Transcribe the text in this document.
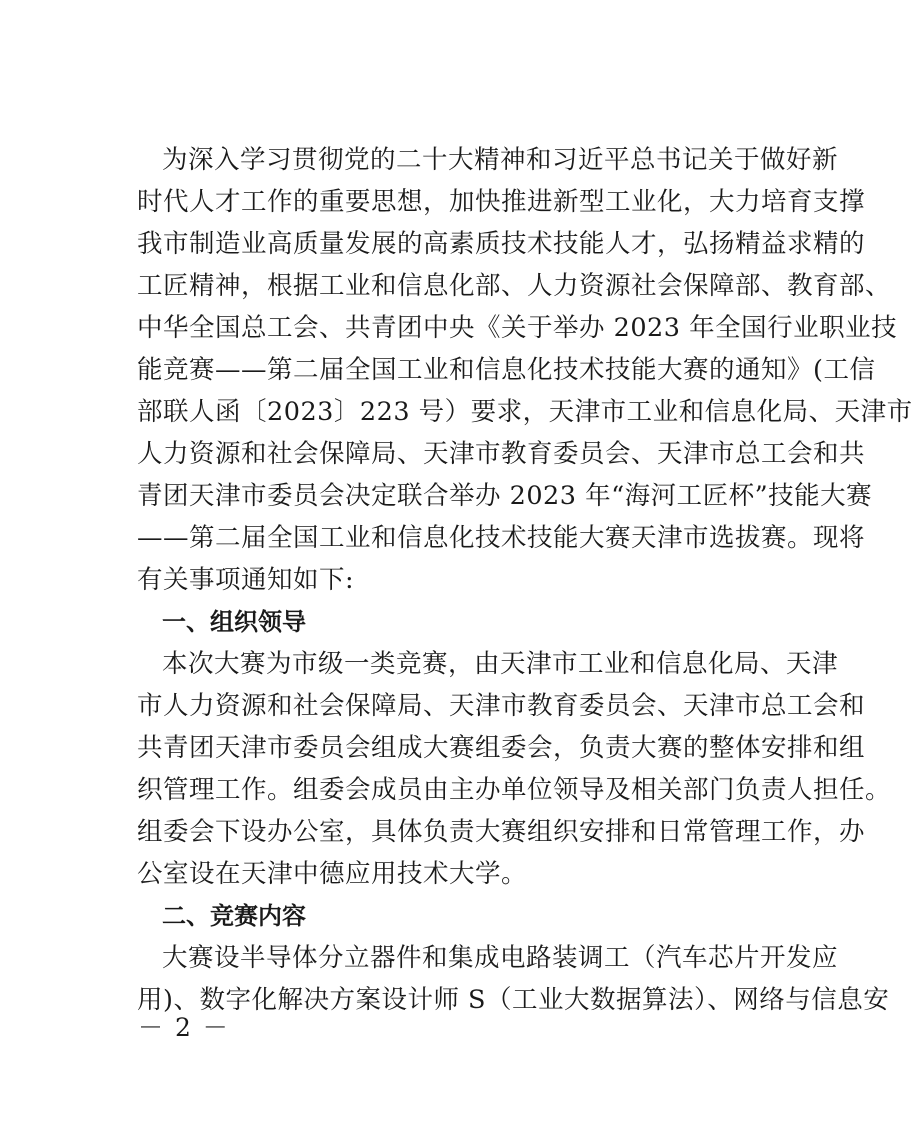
为深入学习贯彻党的二十大精神和习近平总书记关于做好新
时代人才工作的重要思想，加快推进新型工业化，大力培育支撑
我市制造业高质量发展的高素质技术技能人才，弘扬精益求精的
工匠精神，根据工业和信息化部、人力资源社会保障部、教育部、
中华全国总工会、共青团中央《关于举办 2023 年全国行业职业技
能竞赛——第二届全国工业和信息化技术技能大赛的通知》(工信
部联人函〔2023〕223 号）要求，天津市工业和信息化局、天津市
人力资源和社会保障局、天津市教育委员会、天津市总工会和共
青团天津市委员会决定联合举办 2023 年“海河工匠杯”技能大赛
——第二届全国工业和信息化技术技能大赛天津市选拔赛。现将
有关事项通知如下:
一、组织领导
本次大赛为市级一类竞赛，由天津市工业和信息化局、天津
市人力资源和社会保障局、天津市教育委员会、天津市总工会和
共青团天津市委员会组成大赛组委会，负责大赛的整体安排和组
织管理工作。组委会成员由主办单位领导及相关部门负责人担任。
组委会下设办公室，具体负责大赛组织安排和日常管理工作，办
公室设在天津中德应用技术大学。
二、竞赛内容
大赛设半导体分立器件和集成电路装调工（汽车芯片开发应
用)、数字化解决方案设计师 S（工业大数据算法）、网络与信息安
－ 2 －
